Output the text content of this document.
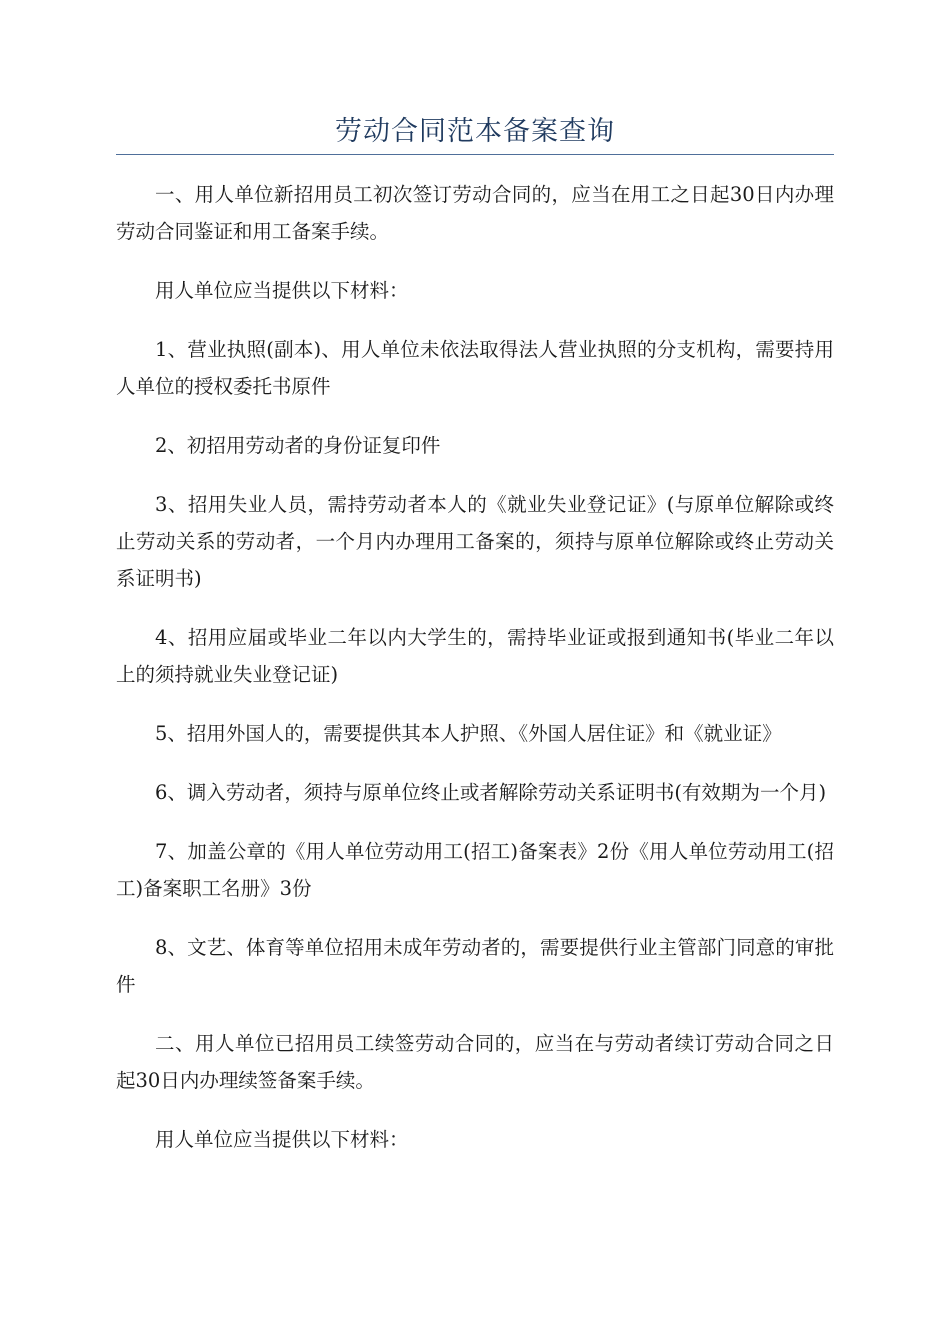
劳动合同范本备案查询

一、用人单位新招用员工初次签订劳动合同的，应当在用工之日起30日内办理劳动合同鉴证和用工备案手续。

用人单位应当提供以下材料：

1、营业执照(副本)、用人单位未依法取得法人营业执照的分支机构，需要持用人单位的授权委托书原件

2、初招用劳动者的身份证复印件

3、招用失业人员，需持劳动者本人的《就业失业登记证》(与原单位解除或终止劳动关系的劳动者，一个月内办理用工备案的，须持与原单位解除或终止劳动关系证明书)

4、招用应届或毕业二年以内大学生的，需持毕业证或报到通知书(毕业二年以上的须持就业失业登记证)

5、招用外国人的，需要提供其本人护照、《外国人居住证》和《就业证》

6、调入劳动者，须持与原单位终止或者解除劳动关系证明书(有效期为一个月)

7、加盖公章的《用人单位劳动用工(招工)备案表》2份《用人单位劳动用工(招工)备案职工名册》3份

8、文艺、体育等单位招用未成年劳动者的，需要提供行业主管部门同意的审批件

二、用人单位已招用员工续签劳动合同的，应当在与劳动者续订劳动合同之日起30日内办理续签备案手续。

用人单位应当提供以下材料：
